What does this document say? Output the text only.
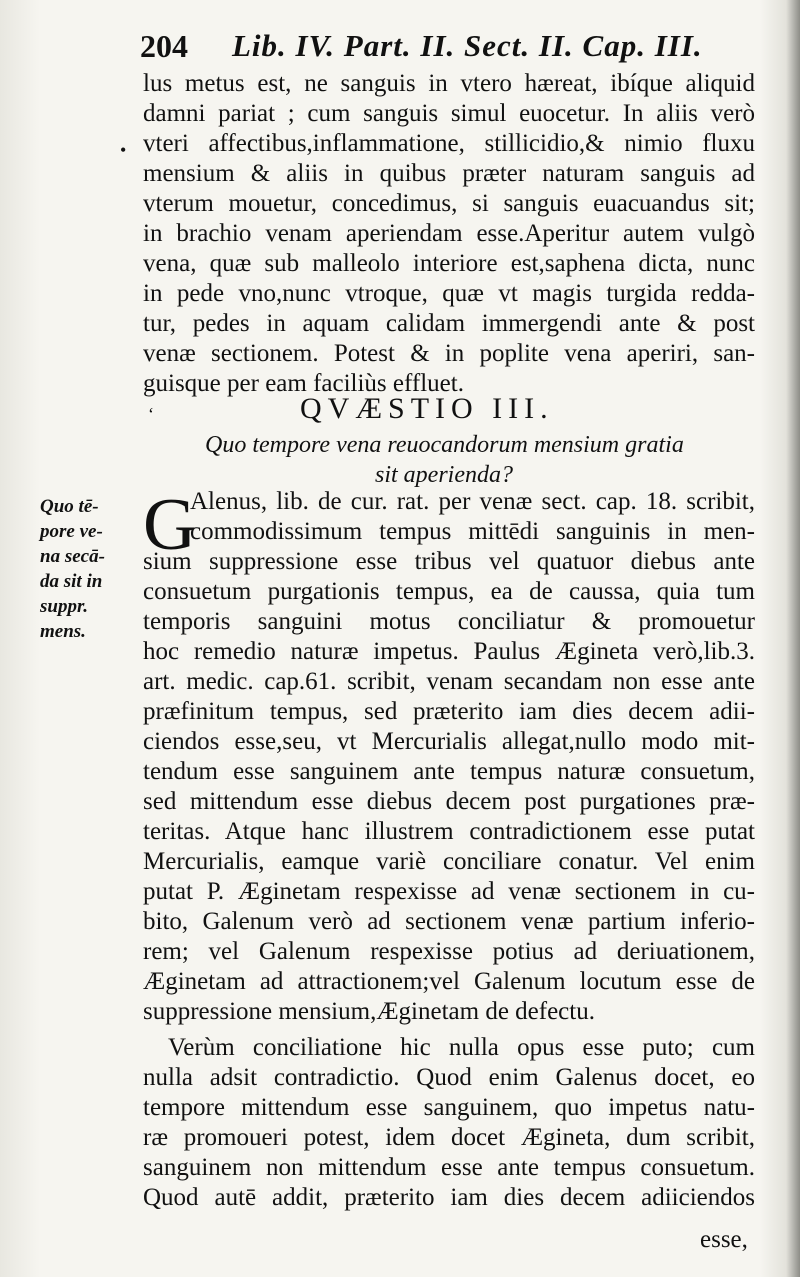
204 Lib. IV. Part. II. Sect. II. Cap. III.
lus metus est, ne sanguis in vtero hæreat, ibíque aliquid
damni pariat ; cum sanguis simul euocetur. In aliis verò
vteri affectibus,inflammatione, stillicidio,& nimio fluxu
mensium & aliis in quibus præter naturam sanguis ad
vterum mouetur, concedimus, si sanguis euacuandus sit;
in brachio venam aperiendam esse.Aperitur autem vulgò
vena, quæ sub malleolo interiore est,saphena dicta, nunc
in pede vno,nunc vtroque, quæ vt magis turgida redda-
tur, pedes in aquam calidam immergendi ante & post
venæ sectionem. Potest & in poplite vena aperiri, san-
guisque per eam faciliùs effluet.
•
‘	QVÆSTIO III.
Quo tempore vena reuocandorum mensium gratia
sit aperienda?
Quo tē-
pore ve-
na secā-
da sit in
suppr.
mens.
G
Alenus, lib. de cur. rat. per venæ sect. cap. 18. scribit,
commodissimum tempus mittēdi sanguinis in men-
sium suppressione esse tribus vel quatuor diebus ante
consuetum purgationis tempus, ea de caussa, quia tum
temporis sanguini motus conciliatur & promouetur
hoc remedio naturæ impetus. Paulus Ægineta verò,lib.3.
art. medic. cap.61. scribit, venam secandam non esse ante
præfinitum tempus, sed præterito iam dies decem adii-
ciendos esse,seu, vt Mercurialis allegat,nullo modo mit-
tendum esse sanguinem ante tempus naturæ consuetum,
sed mittendum esse diebus decem post purgationes præ-
teritas. Atque hanc illustrem contradictionem esse putat
Mercurialis, eamque variè conciliare conatur. Vel enim
putat P. Æginetam respexisse ad venæ sectionem in cu-
bito, Galenum verò ad sectionem venæ partium inferio-
rem; vel Galenum respexisse potius ad deriuationem,
Æginetam ad attractionem;vel Galenum locutum esse de
suppressione mensium,Æginetam de defectu.
Verùm conciliatione hic nulla opus esse puto; cum
nulla adsit contradictio. Quod enim Galenus docet, eo
tempore mittendum esse sanguinem, quo impetus natu-
ræ promoueri potest, idem docet Ægineta, dum scribit,
sanguinem non mittendum esse ante tempus consuetum.
Quod autē addit, præterito iam dies decem adiiciendos
esse,
